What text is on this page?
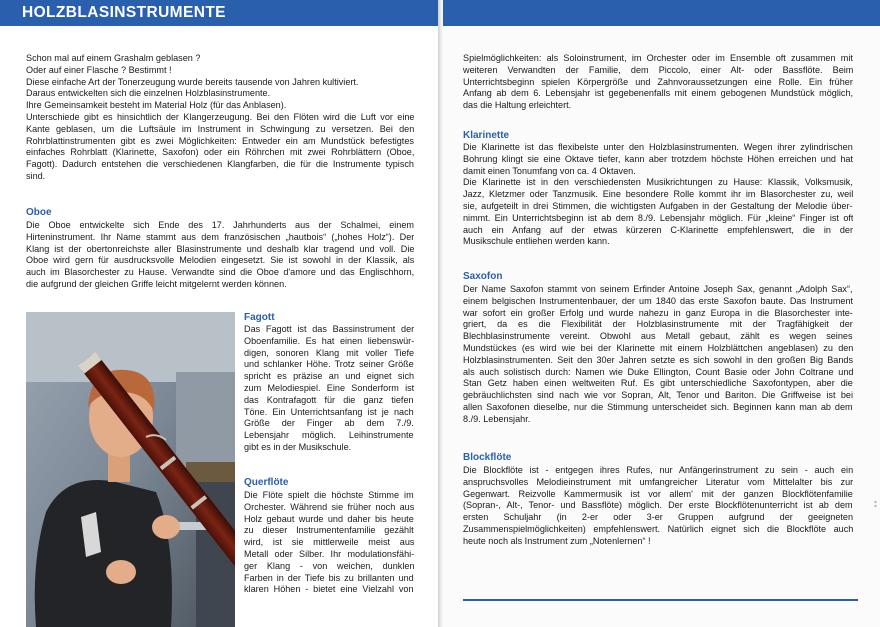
HOLZBLASINSTRUMENTE
Schon mal auf einem Grashalm geblasen ?
Oder auf einer Flasche ? Bestimmt !
Diese einfache Art der Tonerzeugung wurde bereits tausende von Jahren kultiviert.
Daraus entwickelten sich die einzelnen Holzblasinstrumente.
Ihre Gemeinsamkeit besteht im Material Holz (für das Anblasen).
Unterschiede gibt es hinsichtlich der Klangerzeugung. Bei den Flöten wird die Luft vor eine
Kante geblasen, um die Luftsäule im Instrument in Schwingung zu versetzen. Bei den
Rohrblattinstrumenten gibt es zwei Möglichkeiten: Entweder ein am Mundstück befestigtes
einfaches Rohrblatt (Klarinette, Saxofon) oder ein Röhrchen mit zwei Rohrblättern (Oboe,
Fagott). Dadurch entstehen die verschiedenen Klangfarben, die für die Instrumente typisch
sind.
Oboe
Die Oboe entwickelte sich Ende des 17. Jahrhunderts aus der Schalmei, einem
Hirteninstrument. Ihr Name stammt aus dem französischen „hautbois“ („hohes Holz“). Der
Klang ist der obertonreichste aller Blasinstrumente und deshalb klar tragend und voll. Die
Oboe wird gern für ausdrucksvolle Melodien eingesetzt. Sie ist sowohl in der Klassik, als
auch im Blasorchester zu Hause. Verwandte sind die Oboe d'amore und das Englischhorn,
die aufgrund der gleichen Griffe leicht mitgelernt werden können.
Fagott
Das Fagott ist das Bassinstrument der
Oboenfamilie. Es hat einen liebenswür-
digen, sonoren Klang mit voller Tiefe
und schlanker Höhe. Trotz seiner Größe
spricht es präzise an und eignet sich
zum Melodiespiel. Eine Sonderform ist
das Kontrafagott für die ganz tiefen
Töne. Ein Unterrichtsanfang ist je nach
Größe der Finger ab dem 7./9.
Lebensjahr möglich. Leihinstrumente
gibt es in der Musikschule.
Querflöte
Die Flöte spielt die höchste Stimme im
Orchester. Während sie früher noch aus
Holz gebaut wurde und daher bis heute
zu dieser Instrumentenfamilie gezählt
wird, ist sie mittlerweile meist aus
Metall oder Silber. Ihr modulationsfähi-
ger Klang - von weichen, dunklen
Farben in der Tiefe bis zu brillanten und
klaren Höhen - bietet eine Vielzahl von
Spielmöglichkeiten: als Soloinstrument, im Orchester oder im Ensemble oft zusammen mit
weiteren Verwandten der Familie, dem Piccolo, einer Alt- oder Bassflöte. Beim
Unterrichtsbeginn spielen Körpergröße und Zahnvoraussetzungen eine Rolle. Ein früher
Anfang ab dem 6. Lebensjahr ist gegebenenfalls mit einem gebogenen Mundstück möglich,
das die Haltung erleichtert.
Klarinette
Die Klarinette ist das flexibelste unter den Holzblasinstrumenten. Wegen ihrer zylindrischen
Bohrung klingt sie eine Oktave tiefer, kann aber trotzdem höchste Höhen erreichen und hat
damit einen Tonumfang von ca. 4 Oktaven.
Die Klarinette ist in den verschiedensten Musikrichtungen zu Hause: Klassik, Volksmusik,
Jazz, Kletzmer oder Tanzmusik. Eine besondere Rolle kommt ihr im Blasorchester zu, weil
sie, aufgeteilt in drei Stimmen, die wichtigsten Aufgaben in der Gestaltung der Melodie über-
nimmt. Ein Unterrichtsbeginn ist ab dem 8./9. Lebensjahr möglich. Für „kleine“ Finger ist oft
auch ein Anfang auf der etwas kürzeren C-Klarinette empfehlenswert, die in der
Musikschule entliehen werden kann.
Saxofon
Der Name Saxofon stammt von seinem Erfinder Antoine Joseph Sax, genannt „Adolph Sax“,
einem belgischen Instrumentenbauer, der um 1840 das erste Saxofon baute. Das Instrument
war sofort ein großer Erfolg und wurde nahezu in ganz Europa in die Blasorchester inte-
griert, da es die Flexibilität der Holzblasinstrumente mit der Tragfähigkeit der
Blechblasinstrumente vereint. Obwohl aus Metall gebaut, zählt es wegen seines
Mundstückes (es wird wie bei der Klarinette mit einem Holzblättchen angeblasen) zu den
Holzblasinstrumenten. Seit den 30er Jahren setzte es sich sowohl in den großen Big Bands
als auch solistisch durch: Namen wie Duke Ellington, Count Basie oder John Coltrane und
Stan Getz haben einen weltweiten Ruf. Es gibt unterschiedliche Saxofontypen, aber die
gebräuchlichsten sind nach wie vor Sopran, Alt, Tenor und Bariton. Die Griffweise ist bei
allen Saxofonen dieselbe, nur die Stimmung unterscheidet sich. Beginnen kann man ab dem
8./9. Lebensjahr.
Blockflöte
Die Blockflöte ist - entgegen ihres Rufes, nur Anfängerinstrument zu sein - auch ein
anspruchsvolles Melodieinstrument mit umfangreicher Literatur vom Mittelalter bis zur
Gegenwart. Reizvolle Kammermusik ist vor allem' mit der ganzen Blockflötenfamilie
(Sopran-, Alt-, Tenor- und Bassflöte) möglich. Der erste Blockflötenunterricht ist ab dem
ersten Schuljahr (in 2-er oder 3-er Gruppen aufgrund der geeigneten
Zusammenspielmöglichkeiten) empfehlenswert. Natürlich eignet sich die Blockflöte auch
heute noch als Instrument zum „Notenlernen“ !
